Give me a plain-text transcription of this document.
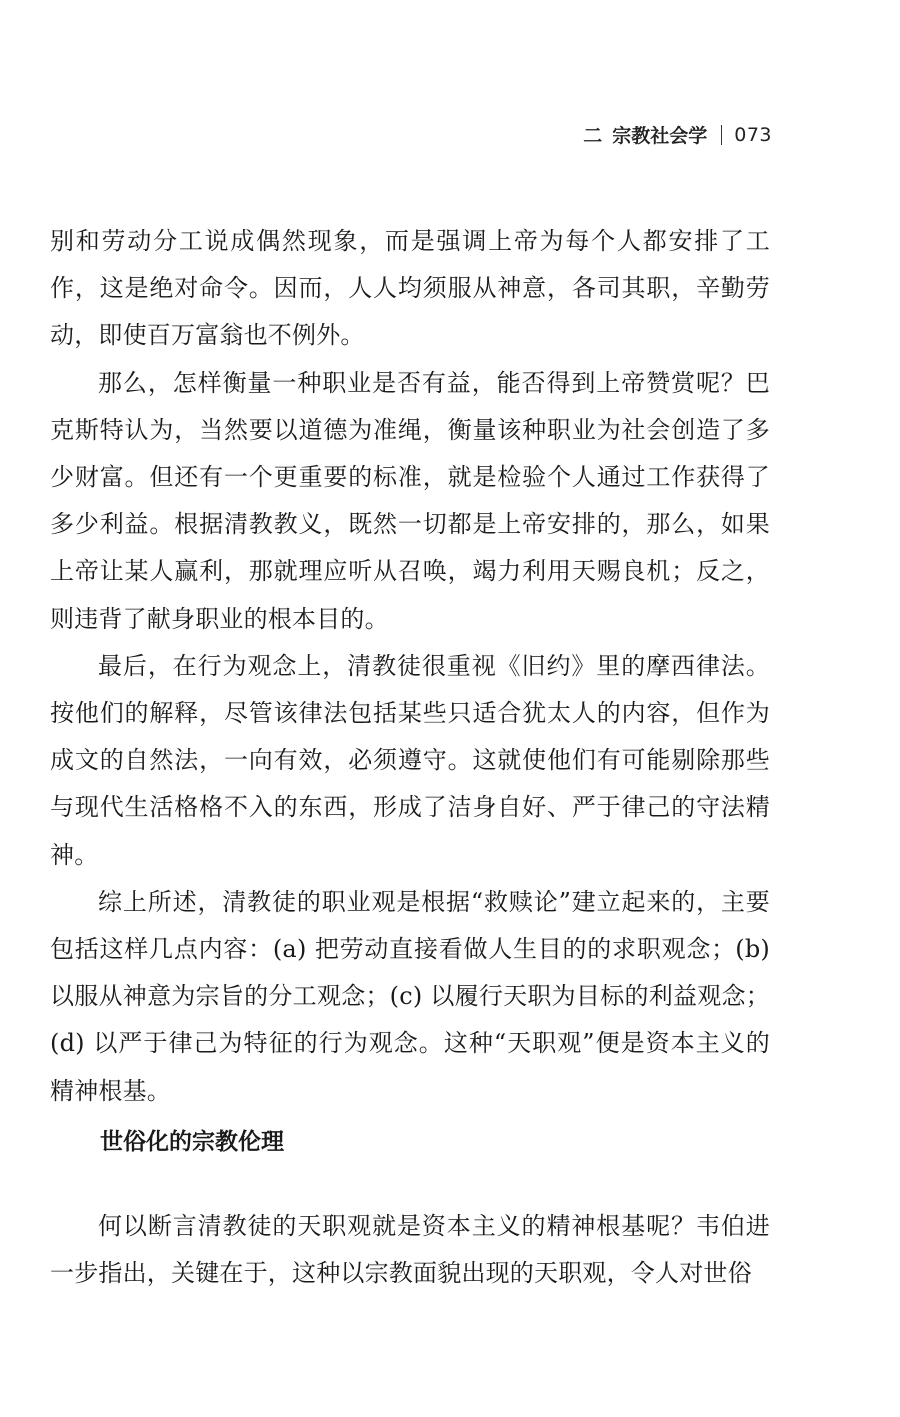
二 宗教社会学 073

别和劳动分工说成偶然现象，而是强调上帝为每个人都安排了工作，这是绝对命令。因而，人人均须服从神意，各司其职，辛勤劳动，即使百万富翁也不例外。

那么，怎样衡量一种职业是否有益，能否得到上帝赞赏呢？巴克斯特认为，当然要以道德为准绳，衡量该种职业为社会创造了多少财富。但还有一个更重要的标准，就是检验个人通过工作获得了多少利益。根据清教教义，既然一切都是上帝安排的，那么，如果上帝让某人赢利，那就理应听从召唤，竭力利用天赐良机；反之，则违背了献身职业的根本目的。

最后，在行为观念上，清教徒很重视《旧约》里的摩西律法。按他们的解释，尽管该律法包括某些只适合犹太人的内容，但作为成文的自然法，一向有效，必须遵守。这就使他们有可能剔除那些与现代生活格格不入的东西，形成了洁身自好、严于律己的守法精神。

综上所述，清教徒的职业观是根据“救赎论”建立起来的，主要包括这样几点内容：(a) 把劳动直接看做人生目的的求职观念；(b) 以服从神意为宗旨的分工观念；(c) 以履行天职为目标的利益观念；(d) 以严于律己为特征的行为观念。这种“天职观”便是资本主义的精神根基。

世俗化的宗教伦理

何以断言清教徒的天职观就是资本主义的精神根基呢？韦伯进一步指出，关键在于，这种以宗教面貌出现的天职观，令人对世俗
